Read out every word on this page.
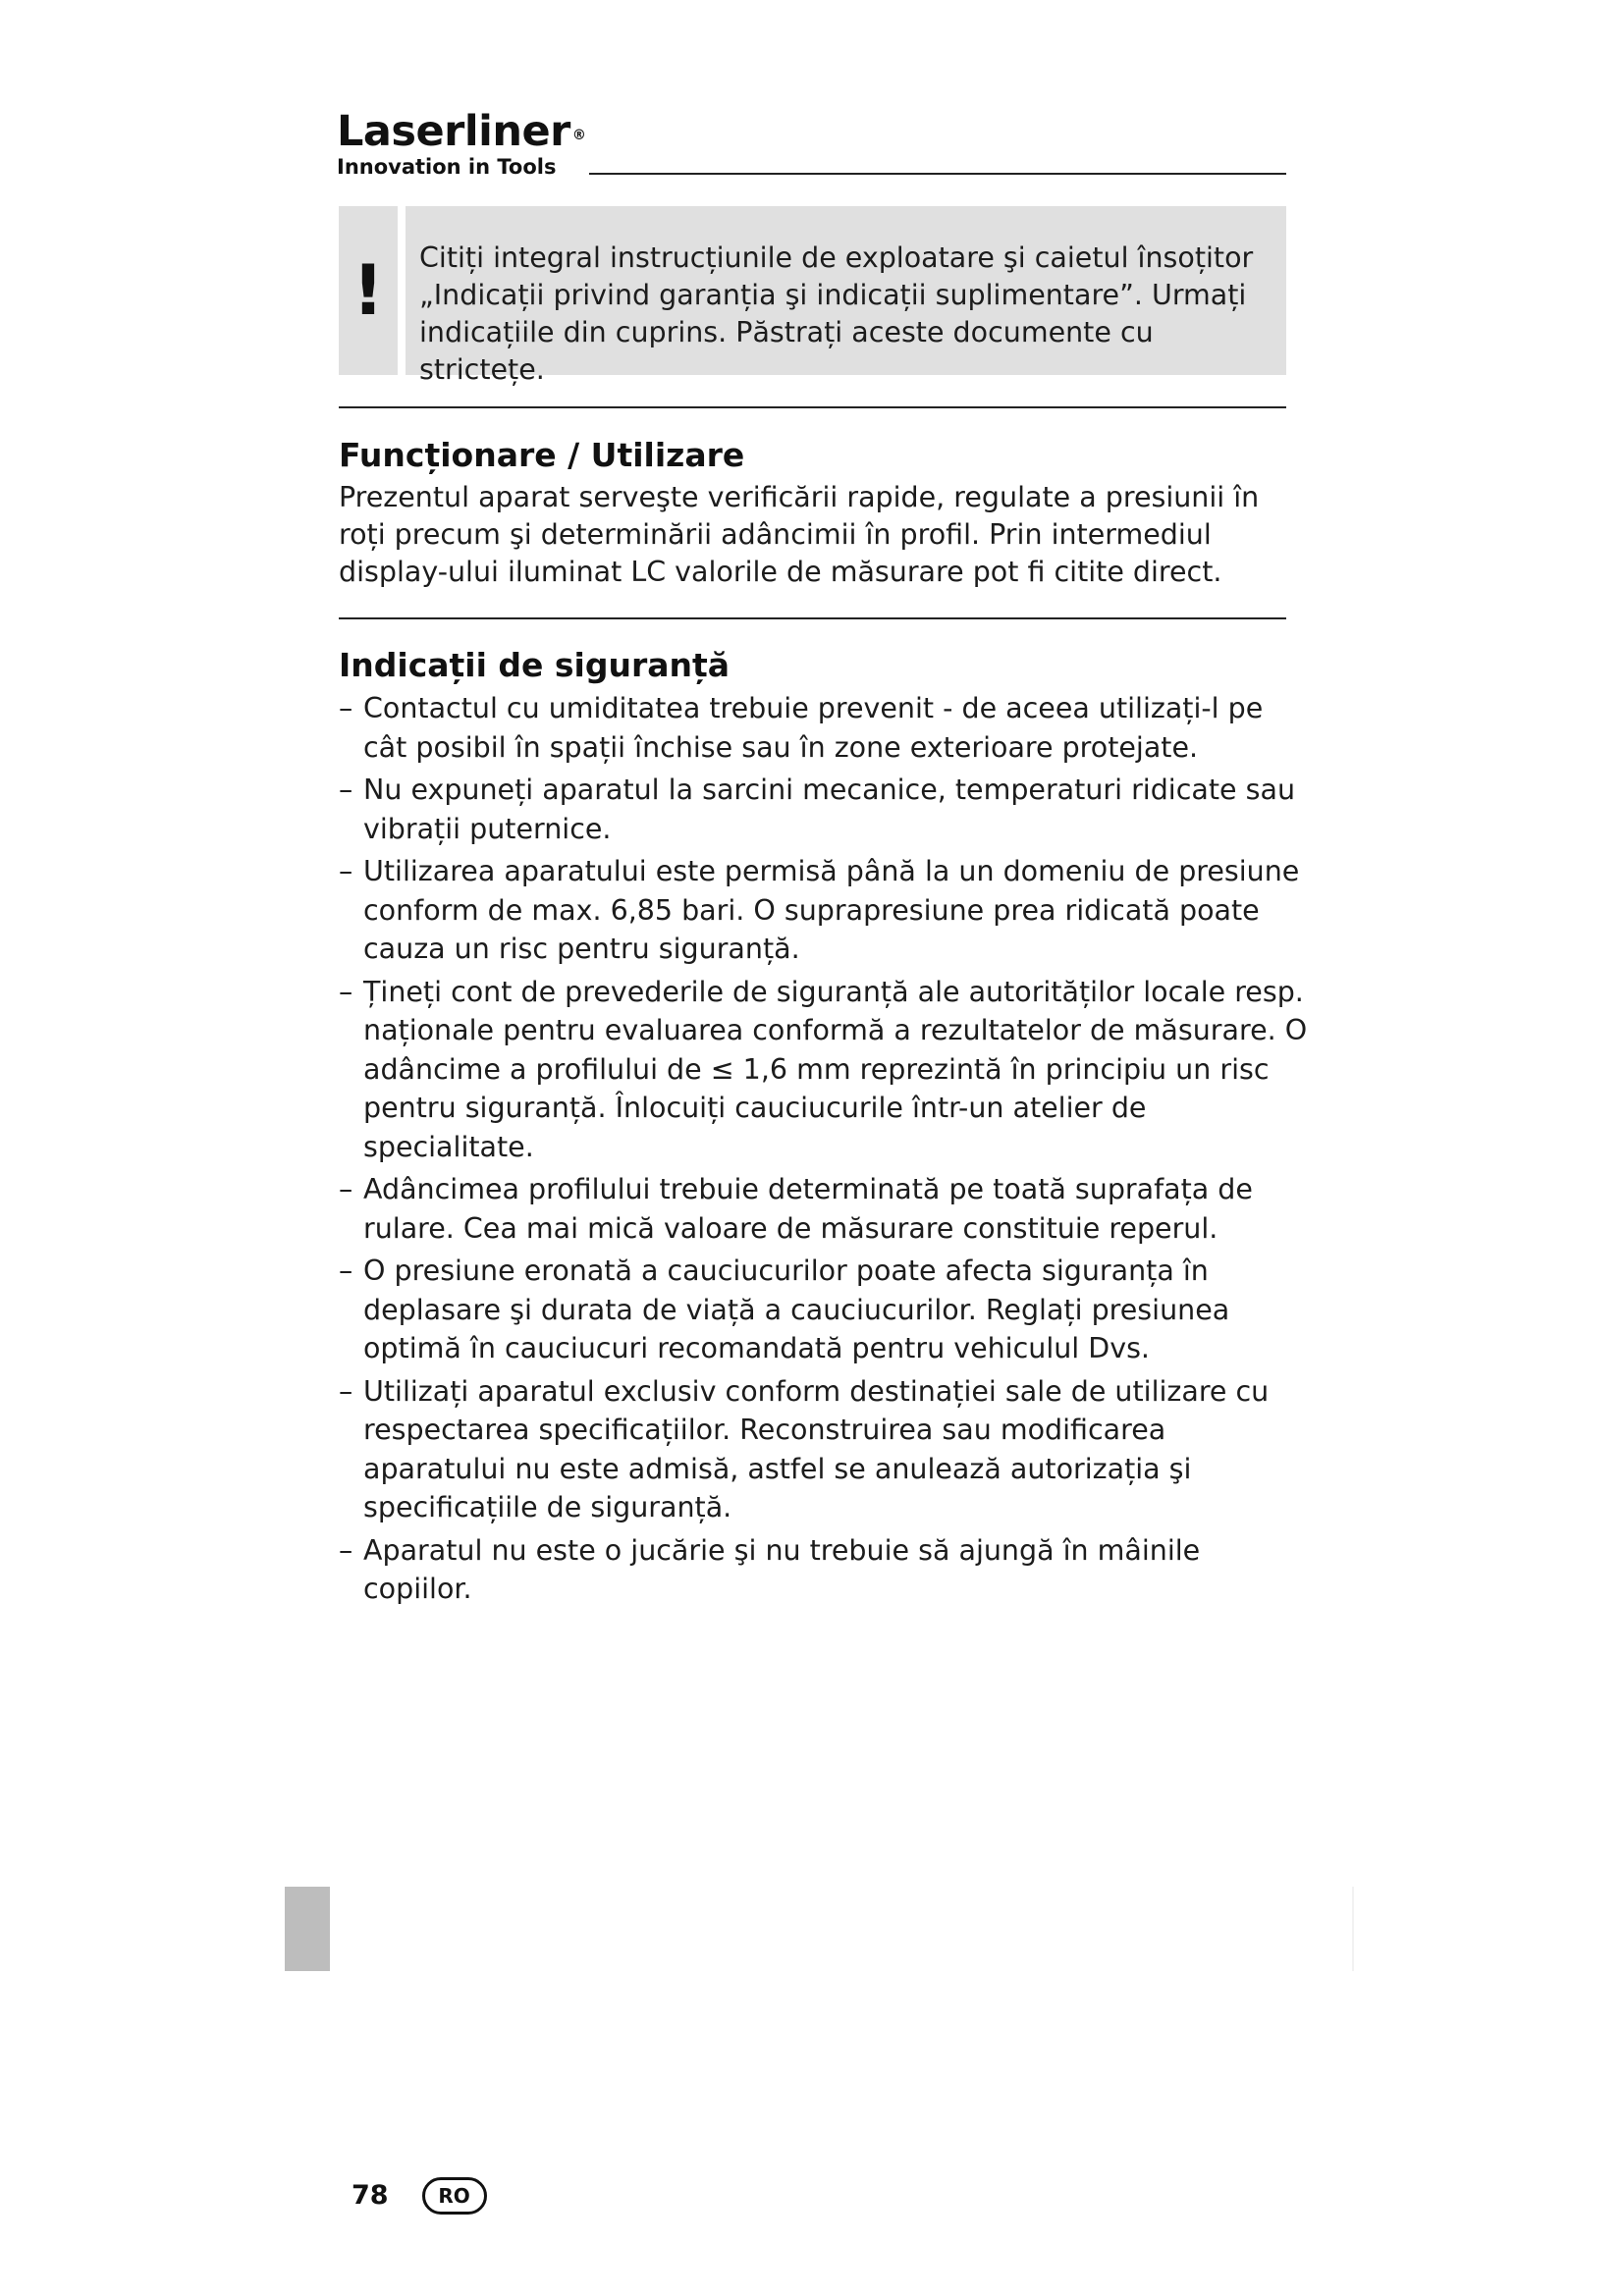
Laserliner ®
Innovation in Tools
!	Citiți integral instrucțiunile de exploatare şi caietul însoțitor „Indicații privind garanția şi indicații suplimentare”. Urmați indicațiile din cuprins. Păstrați aceste documente cu strictețe.
Funcționare / Utilizare

Prezentul aparat serveşte verificării rapide, regulate a presiunii în roți precum şi determinării adâncimii în profil. Prin intermediul display-ului iluminat LC valorile de măsurare pot fi citite direct.

Indicații de siguranță
– Contactul cu umiditatea trebuie prevenit - de aceea utilizați-l pe cât posibil în spații închise sau în zone exterioare protejate.
– Nu expuneți aparatul la sarcini mecanice, temperaturi ridicate sau vibrații puternice.
– Utilizarea aparatului este permisă până la un domeniu de presiune conform de max. 6,85 bari. O suprapresiune prea ridicată poate cauza un risc pentru siguranță.
– Țineți cont de prevederile de siguranță ale autorităților locale resp. naționale pentru evaluarea conformă a rezultatelor de măsurare. O adâncime a profilului de ≤ 1,6 mm reprezintă în principiu un risc pentru siguranță. Înlocuiți cauciucurile într-un atelier de specialitate.
– Adâncimea profilului trebuie determinată pe toată suprafața de rulare. Cea mai mică valoare de măsurare constituie reperul.
– O presiune eronată a cauciucurilor poate afecta siguranța în deplasare şi durata de viață a cauciucurilor. Reglați presiunea optimă în cauciucuri recomandată pentru vehiculul Dvs.
– Utilizați aparatul exclusiv conform destinației sale de utilizare cu respectarea specificațiilor. Reconstruirea sau modificarea aparatului nu este admisă, astfel se anulează autorizația şi specificațiile de siguranță.
– Aparatul nu este o jucărie şi nu trebuie să ajungă în mâinile copiilor.
78	RO
